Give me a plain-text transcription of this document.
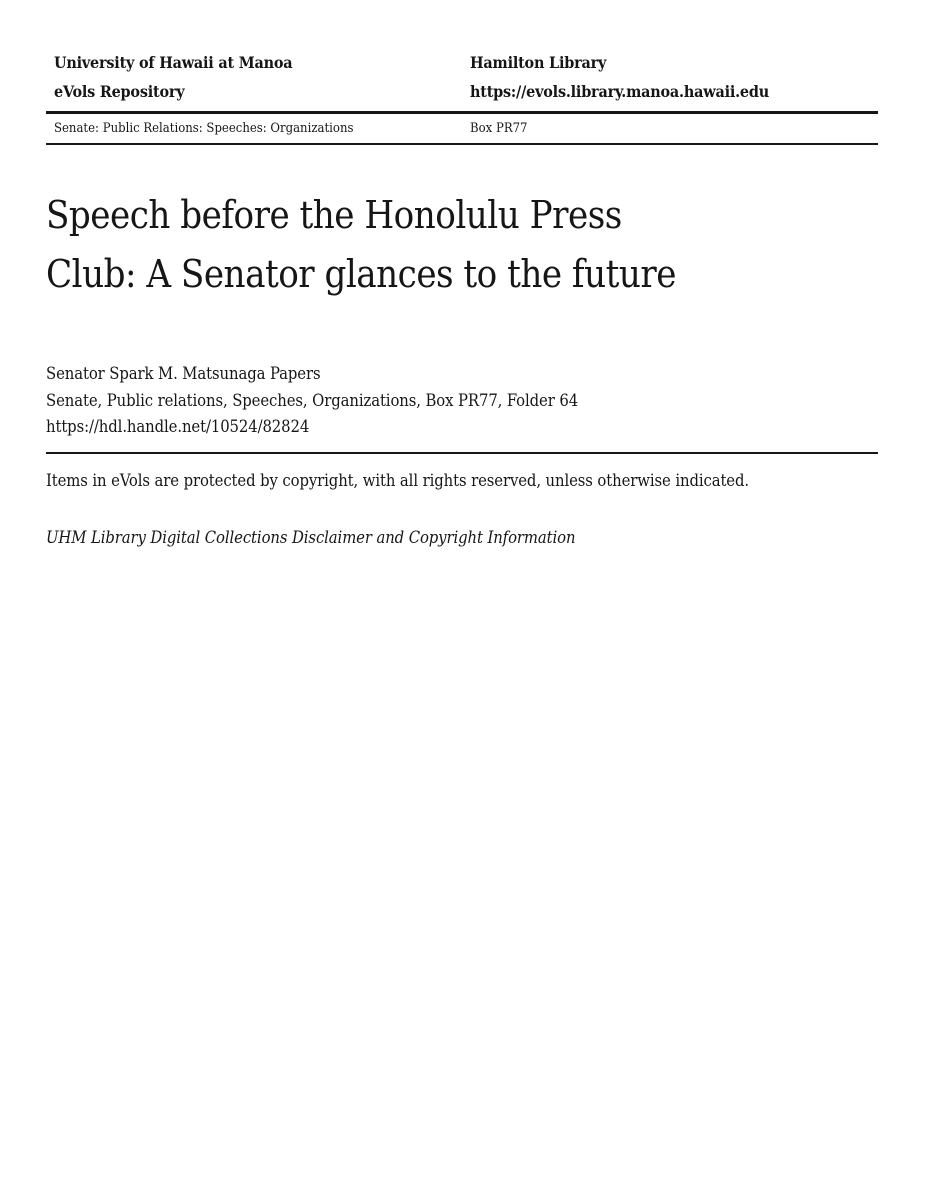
University of Hawaii at Manoa
eVols Repository
Hamilton Library
https://evols.library.manoa.hawaii.edu
Senate: Public Relations: Speeches: Organizations	Box PR77
Speech before the Honolulu Press
Club: A Senator glances to the future
Senator Spark M. Matsunaga Papers
Senate, Public relations, Speeches, Organizations, Box PR77, Folder 64
https://hdl.handle.net/10524/82824
Items in eVols are protected by copyright, with all rights reserved, unless otherwise indicated.
UHM Library Digital Collections Disclaimer and Copyright Information
